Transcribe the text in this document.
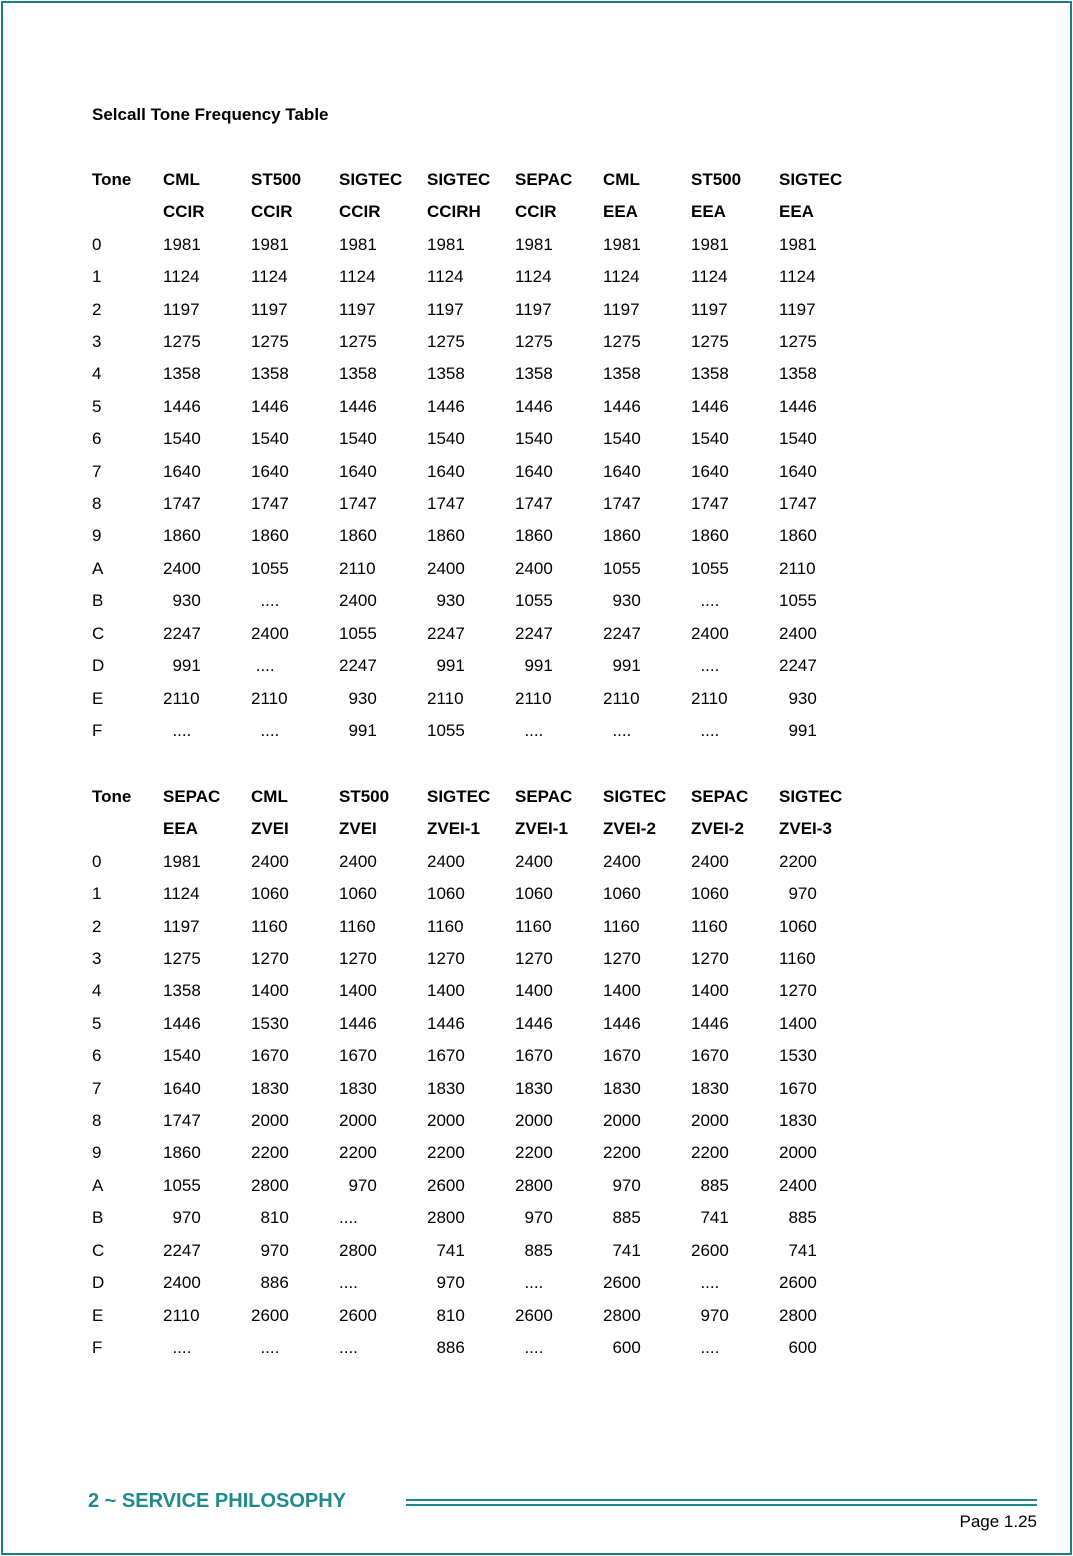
Selcall Tone Frequency Table
Tone	CML	ST500	SIGTEC	SIGTEC	SEPAC	CML	ST500	SIGTEC
	CCIR	CCIR	CCIR	CCIRH	CCIR	EEA	EEA	EEA
0	1981	1981	1981	1981	1981	1981	1981	1981
1	1124	1124	1124	1124	1124	1124	1124	1124
2	1197	1197	1197	1197	1197	1197	1197	1197
3	1275	1275	1275	1275	1275	1275	1275	1275
4	1358	1358	1358	1358	1358	1358	1358	1358
5	1446	1446	1446	1446	1446	1446	1446	1446
6	1540	1540	1540	1540	1540	1540	1540	1540
7	1640	1640	1640	1640	1640	1640	1640	1640
8	1747	1747	1747	1747	1747	1747	1747	1747
9	1860	1860	1860	1860	1860	1860	1860	1860
A	2400	1055	2110	2400	2400	1055	1055	2110
B	930	....	2400	930	1055	930	....	1055
C	2247	2400	1055	2247	2247	2247	2400	2400
D	991	....	2247	991	991	991	....	2247
E	2110	2110	930	2110	2110	2110	2110	930
F	....	....	991	1055	....	....	....	991
Tone	SEPAC	CML	ST500	SIGTEC	SEPAC	SIGTEC	SEPAC	SIGTEC
	EEA	ZVEI	ZVEI	ZVEI-1	ZVEI-1	ZVEI-2	ZVEI-2	ZVEI-3
0	1981	2400	2400	2400	2400	2400	2400	2200
1	1124	1060	1060	1060	1060	1060	1060	970
2	1197	1160	1160	1160	1160	1160	1160	1060
3	1275	1270	1270	1270	1270	1270	1270	1160
4	1358	1400	1400	1400	1400	1400	1400	1270
5	1446	1530	1446	1446	1446	1446	1446	1400
6	1540	1670	1670	1670	1670	1670	1670	1530
7	1640	1830	1830	1830	1830	1830	1830	1670
8	1747	2000	2000	2000	2000	2000	2000	1830
9	1860	2200	2200	2200	2200	2200	2200	2000
A	1055	2800	970	2600	2800	970	885	2400
B	970	810	....	2800	970	885	741	885
C	2247	970	2800	741	885	741	2600	741
D	2400	886	....	970	....	2600	....	2600
E	2110	2600	2600	810	2600	2800	970	2800
F	....	....	....	886	....	600	....	600
2 ~ SERVICE PHILOSOPHY
Page 1.25
